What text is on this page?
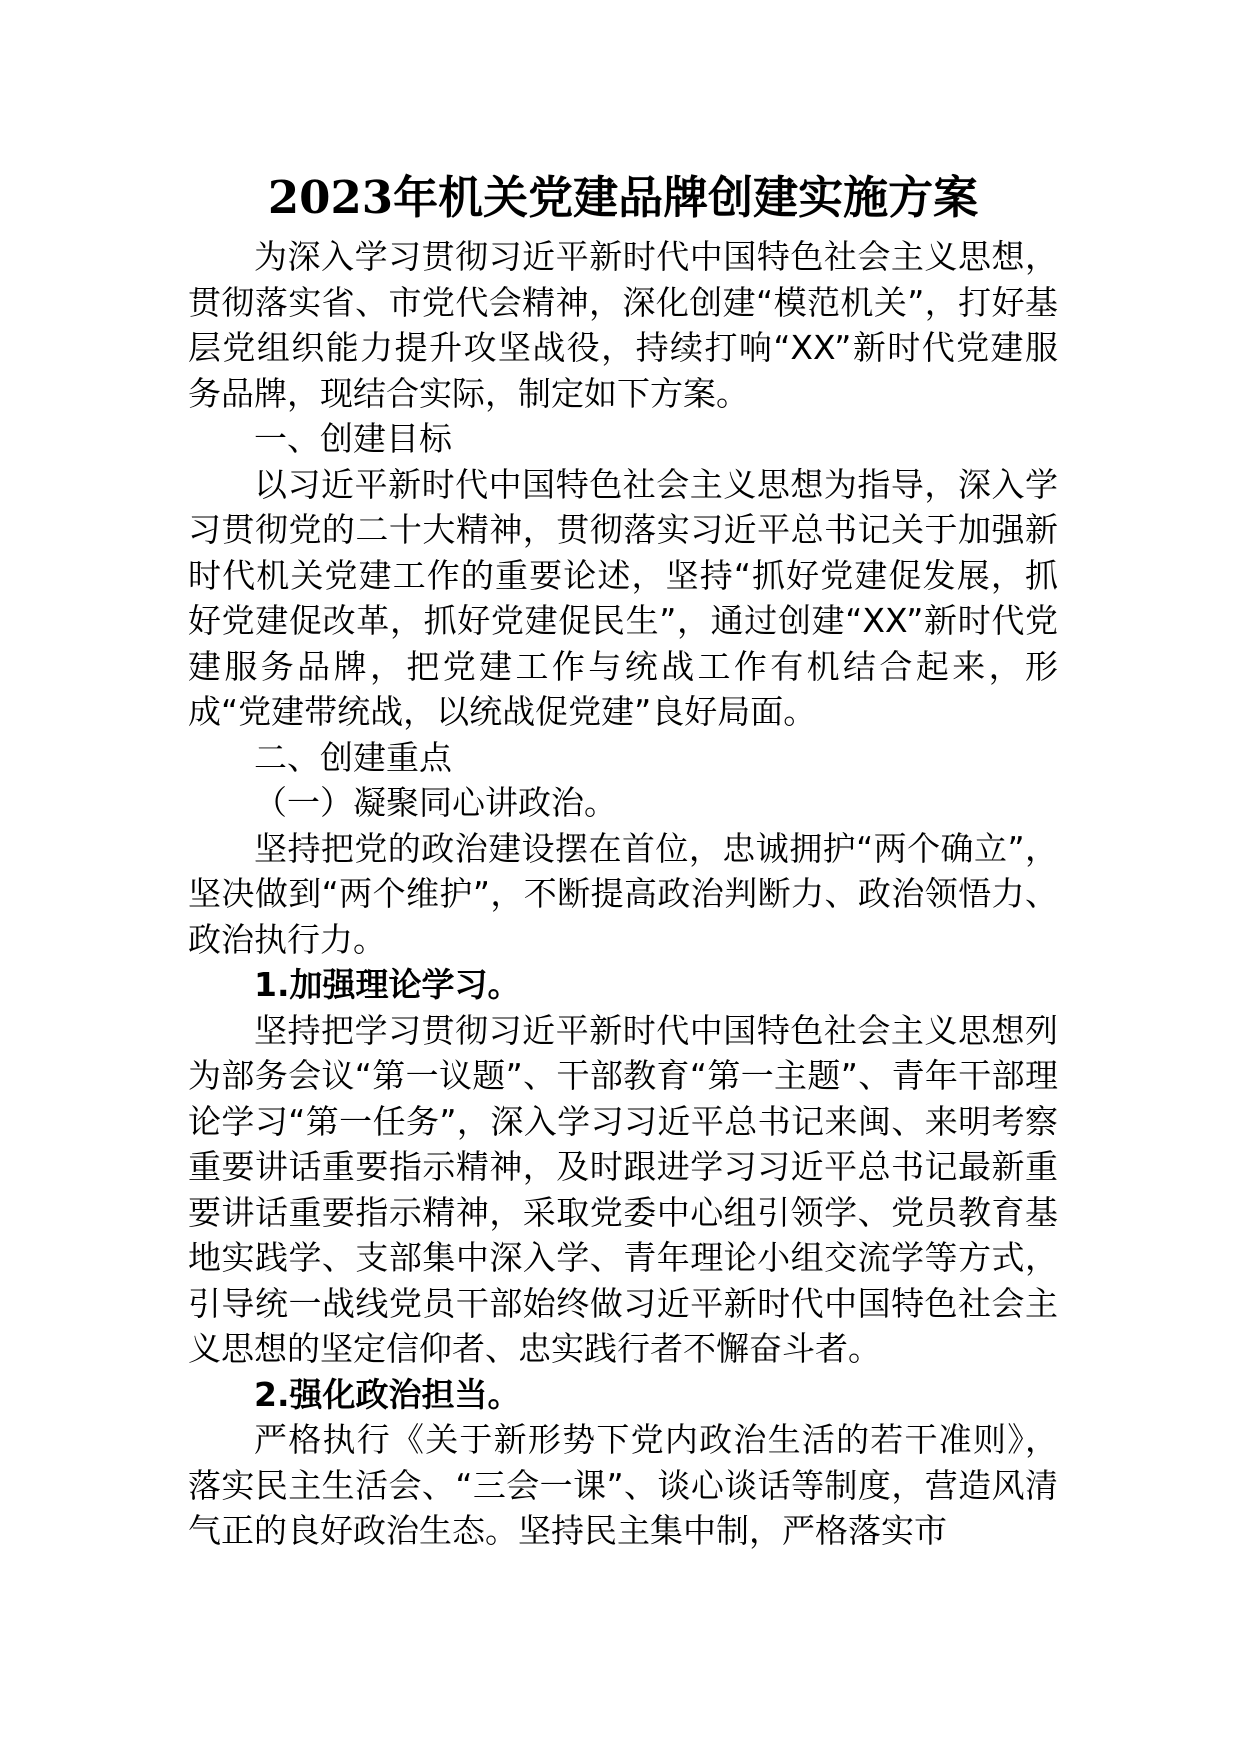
2023年机关党建品牌创建实施方案

为深入学习贯彻习近平新时代中国特色社会主义思想，贯彻落实省、市党代会精神，深化创建“模范机关”，打好基层党组织能力提升攻坚战役，持续打响“XX”新时代党建服务品牌，现结合实际，制定如下方案。

一、创建目标

以习近平新时代中国特色社会主义思想为指导，深入学习贯彻党的二十大精神，贯彻落实习近平总书记关于加强新时代机关党建工作的重要论述，坚持“抓好党建促发展，抓好党建促改革，抓好党建促民生”，通过创建“XX”新时代党建服务品牌，把党建工作与统战工作有机结合起来，形成“党建带统战，以统战促党建”良好局面。

二、创建重点

（一）凝聚同心讲政治。

坚持把党的政治建设摆在首位，忠诚拥护“两个确立”，坚决做到“两个维护”，不断提高政治判断力、政治领悟力、政治执行力。

1.加强理论学习。

坚持把学习贯彻习近平新时代中国特色社会主义思想列为部务会议“第一议题”、干部教育“第一主题”、青年干部理论学习“第一任务”，深入学习习近平总书记来闽、来明考察重要讲话重要指示精神，及时跟进学习习近平总书记最新重要讲话重要指示精神，采取党委中心组引领学、党员教育基地实践学、支部集中深入学、青年理论小组交流学等方式，引导统一战线党员干部始终做习近平新时代中国特色社会主义思想的坚定信仰者、忠实践行者不懈奋斗者。

2.强化政治担当。

严格执行《关于新形势下党内政治生活的若干准则》，落实民主生活会、“三会一课”、谈心谈话等制度，营造风清气正的良好政治生态。坚持民主集中制，严格落实市
